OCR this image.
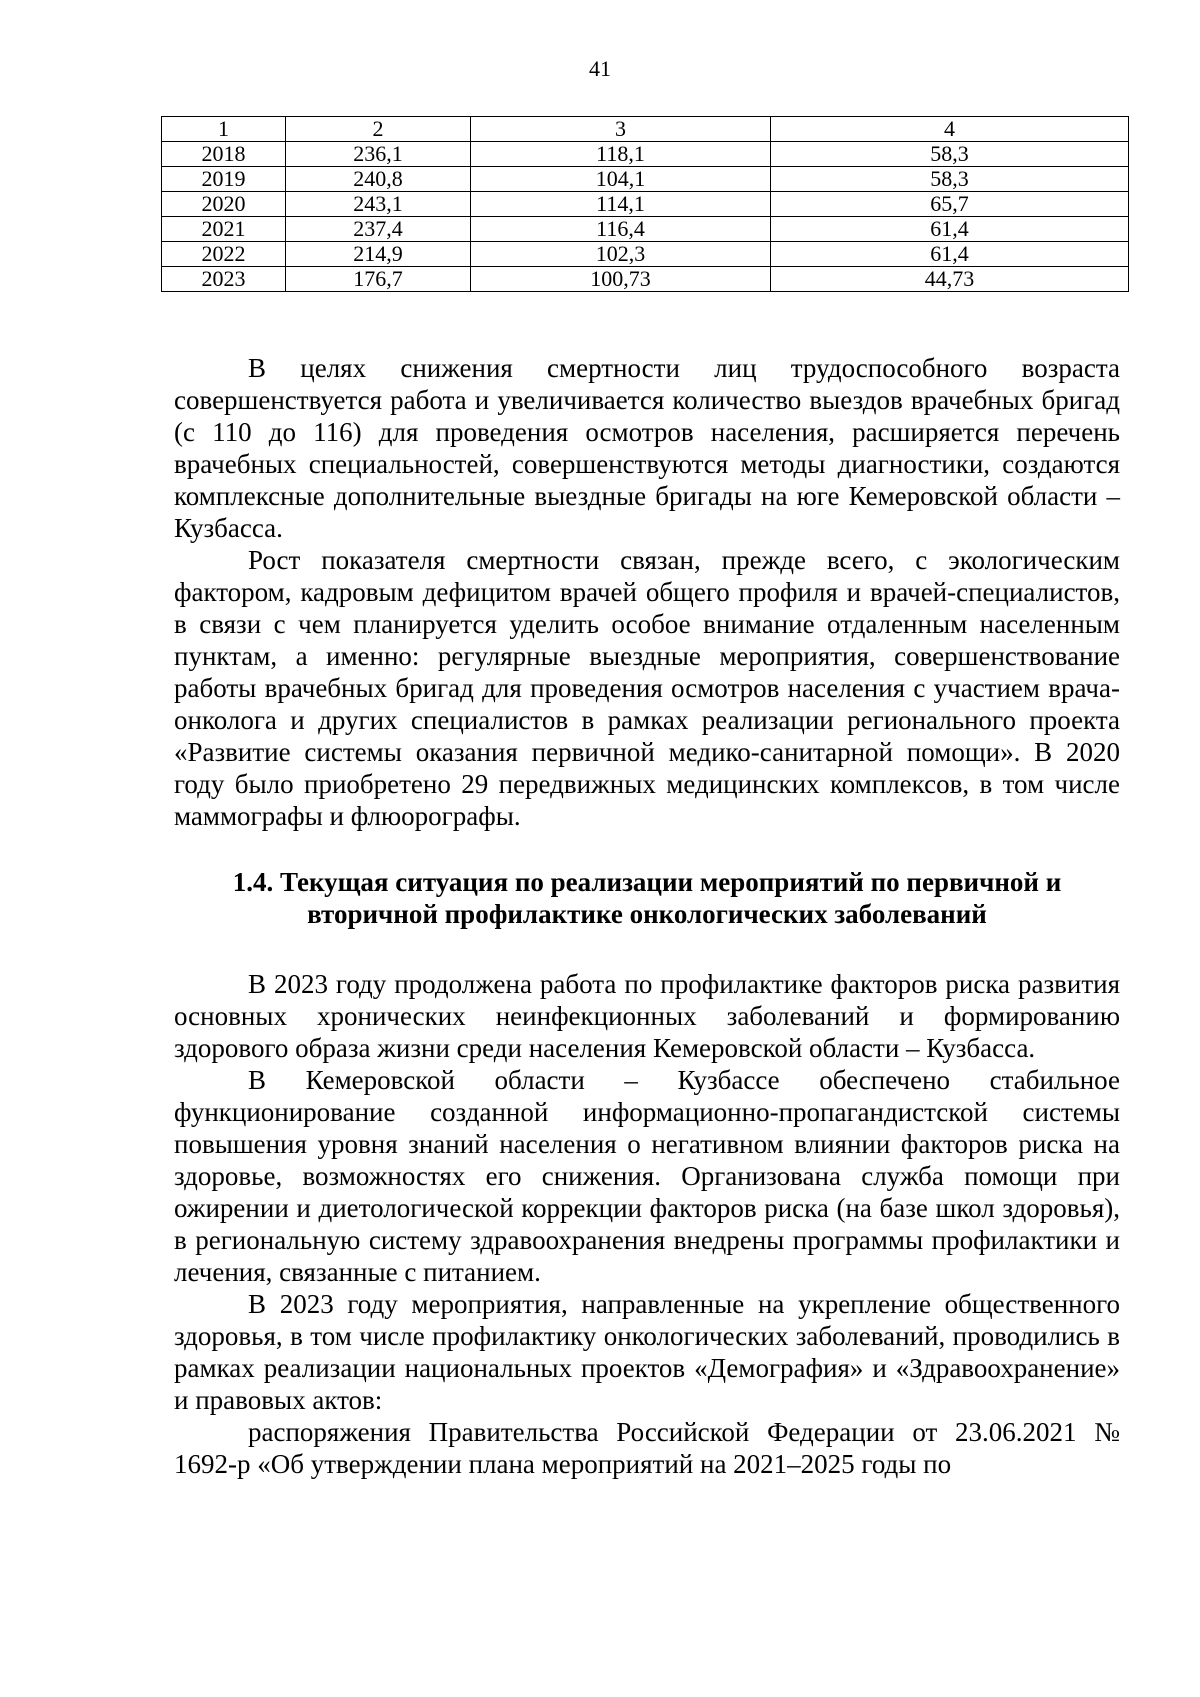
41
1	2	3	4
2018	236,1	118,1	58,3
2019	240,8	104,1	58,3
2020	243,1	114,1	65,7
2021	237,4	116,4	61,4
2022	214,9	102,3	61,4
2023	176,7	100,73	44,73

В целях снижения смертности лиц трудоспособного возраста совершенствуется работа и увеличивается количество выездов врачебных бригад (с 110 до 116) для проведения осмотров населения, расширяется перечень врачебных специальностей, совершенствуются методы диагностики, создаются комплексные дополнительные выездные бригады на юге Кемеровской области – Кузбасса.

Рост показателя смертности связан, прежде всего, с экологическим фактором, кадровым дефицитом врачей общего профиля и врачей-специалистов, в связи с чем планируется уделить особое внимание отдаленным населенным пунктам, а именно: регулярные выездные мероприятия, совершенствование работы врачебных бригад для проведения осмотров населения с участием врача-онколога и других специалистов в рамках реализации регионального проекта «Развитие системы оказания первичной медико-санитарной помощи». В 2020 году было приобретено 29 передвижных медицинских комплексов, в том числе маммографы и флюорографы.

1.4. Текущая ситуация по реализации мероприятий по первичной и
вторичной профилактике онкологических заболеваний

В 2023 году продолжена работа по профилактике факторов риска развития основных хронических неинфекционных заболеваний и формированию здорового образа жизни среди населения Кемеровской области – Кузбасса.

В Кемеровской области – Кузбассе обеспечено стабильное функционирование созданной информационно-пропагандистской системы повышения уровня знаний населения о негативном влиянии факторов риска на здоровье, возможностях его снижения. Организована служба помощи при ожирении и диетологической коррекции факторов риска (на базе школ здоровья), в региональную систему здравоохранения внедрены программы профилактики и лечения, связанные с питанием.

В 2023 году мероприятия, направленные на укрепление общественного здоровья, в том числе профилактику онкологических заболеваний, проводились в рамках реализации национальных проектов «Демография» и «Здравоохранение» и правовых актов:

распоряжения Правительства Российской Федерации от 23.06.2021 № 1692-р «Об утверждении плана мероприятий на 2021–2025 годы по
